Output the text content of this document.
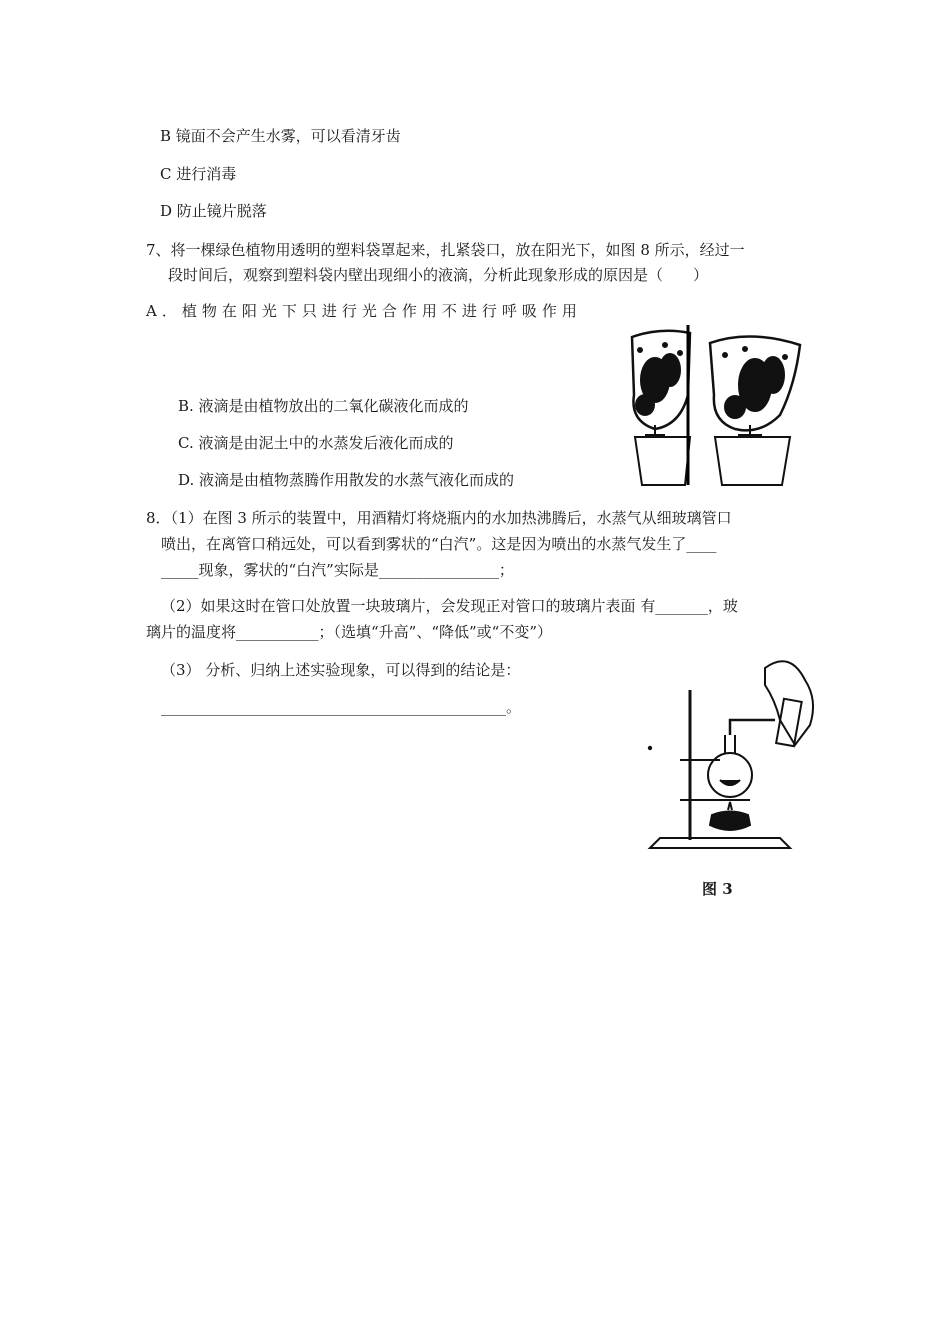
B 镜面不会产生水雾，可以看清牙齿
C 进行消毒
D 防止镜片脱落
7、将一棵绿色植物用透明的塑料袋罩起来，扎紧袋口，放在阳光下，如图 8 所示，经过一
段时间后，观察到塑料袋内壁出现细小的液滴，分析此现象形成的原因是（　　）
A．植物在阳光下只进行光合作用不进行呼吸作用
B. 液滴是由植物放出的二氧化碳液化而成的
C. 液滴是由泥土中的水蒸发后液化而成的
D. 液滴是由植物蒸腾作用散发的水蒸气液化而成的
8．（1）在图 3 所示的装置中，用酒精灯将烧瓶内的水加热沸腾后，水蒸气从细玻璃管口
喷出，在离管口稍远处，可以看到雾状的“白汽”。这是因为喷出的水蒸气发生了____
_____现象，雾状的“白汽”实际是________________；
（2）如果这时在管口处放置一块玻璃片，会发现正对管口的玻璃片表面 有_______，玻
璃片的温度将___________；（选填“升高”、“降低”或“不变”）
（3） 分析、归纳上述实验现象，可以得到的结论是：
______________________________________________。
图 3
